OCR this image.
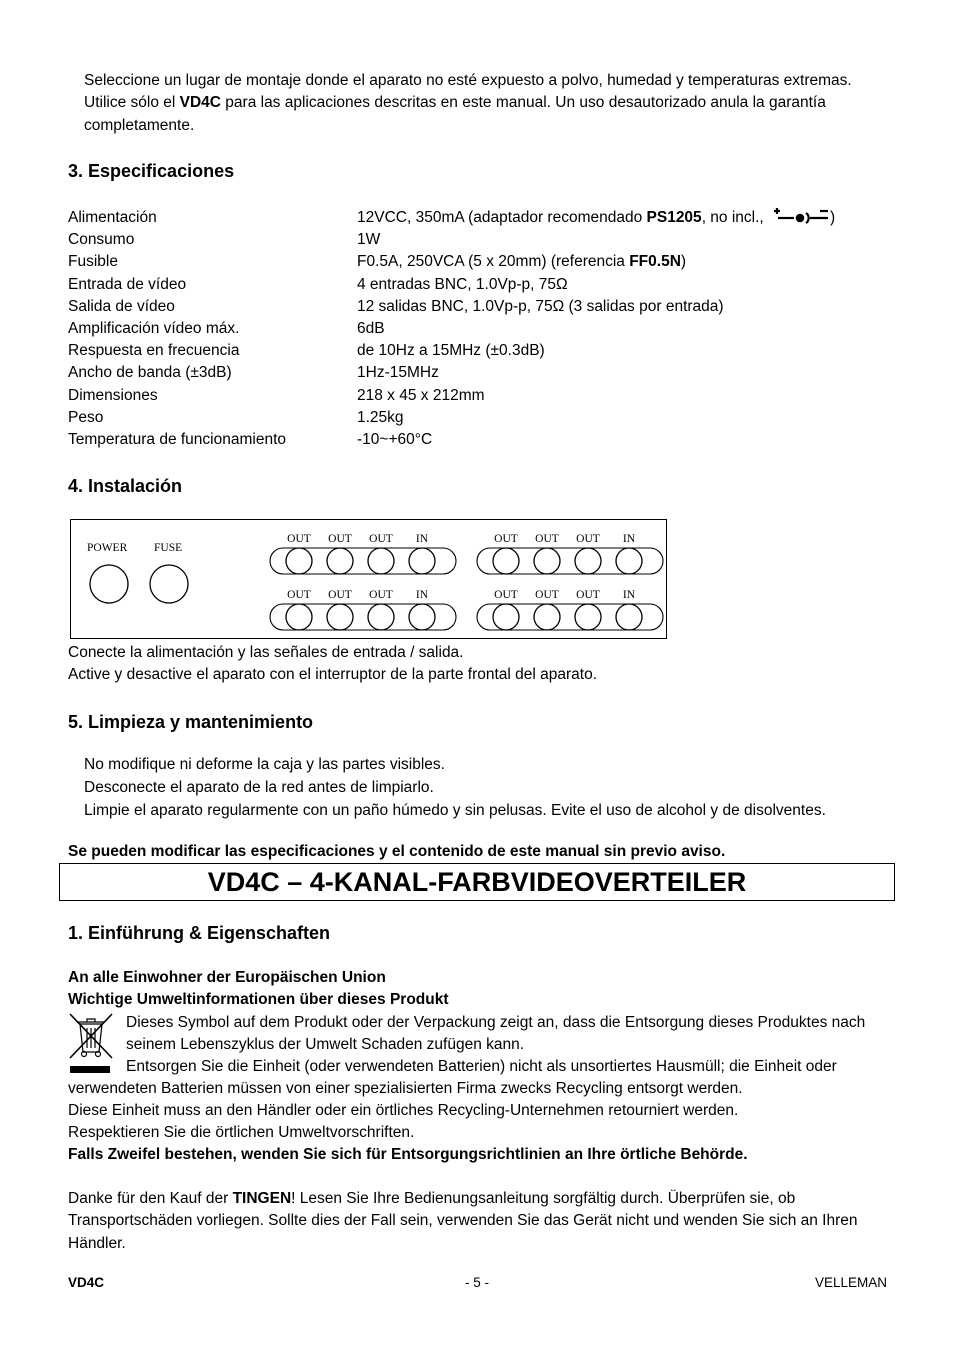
Seleccione un lugar de montaje donde el aparato no esté expuesto a polvo, humedad y temperaturas extremas.
Utilice sólo el VD4C para las aplicaciones descritas en este manual. Un uso desautorizado anula la garantía
completamente.
3. Especificaciones
Alimentación	12VCC, 350mA (adaptador recomendado PS1205, no incl.,	)
Consumo	1W
Fusible	F0.5A, 250VCA (5 x 20mm) (referencia FF0.5N)
Entrada de vídeo	4 entradas BNC, 1.0Vp-p, 75Ω
Salida de vídeo	12 salidas BNC, 1.0Vp-p, 75Ω (3 salidas por entrada)
Amplificación vídeo máx.	6dB
Respuesta en frecuencia	de 10Hz a 15MHz (±0.3dB)
Ancho de banda (±3dB)	1Hz-15MHz
Dimensiones	218 x 45 x 212mm
Peso	1.25kg
Temperatura de funcionamiento	-10~+60°C
4. Instalación
POWER FUSE
OUT OUT OUT IN	OUT OUT OUT IN
OUT OUT OUT IN	OUT OUT OUT IN
Conecte la alimentación y las señales de entrada / salida.
Active y desactive el aparato con el interruptor de la parte frontal del aparato.
5. Limpieza y mantenimiento
No modifique ni deforme la caja y las partes visibles.
Desconecte el aparato de la red antes de limpiarlo.
Limpie el aparato regularmente con un paño húmedo y sin pelusas. Evite el uso de alcohol y de disolventes.
Se pueden modificar las especificaciones y el contenido de este manual sin previo aviso.
VD4C – 4-KANAL-FARBVIDEOVERTEILER
1. Einführung & Eigenschaften
An alle Einwohner der Europäischen Union
Wichtige Umweltinformationen über dieses Produkt
Dieses Symbol auf dem Produkt oder der Verpackung zeigt an, dass die Entsorgung dieses Produktes nach
seinem Lebenszyklus der Umwelt Schaden zufügen kann.
Entsorgen Sie die Einheit (oder verwendeten Batterien) nicht als unsortiertes Hausmüll; die Einheit oder
verwendeten Batterien müssen von einer spezialisierten Firma zwecks Recycling entsorgt werden.
Diese Einheit muss an den Händler oder ein örtliches Recycling-Unternehmen retourniert werden.
Respektieren Sie die örtlichen Umweltvorschriften.
Falls Zweifel bestehen, wenden Sie sich für Entsorgungsrichtlinien an Ihre örtliche Behörde.
Danke für den Kauf der TINGEN! Lesen Sie Ihre Bedienungsanleitung sorgfältig durch. Überprüfen sie, ob
Transportschäden vorliegen. Sollte dies der Fall sein, verwenden Sie das Gerät nicht und wenden Sie sich an Ihren
Händler.
VD4C	- 5 -	VELLEMAN
